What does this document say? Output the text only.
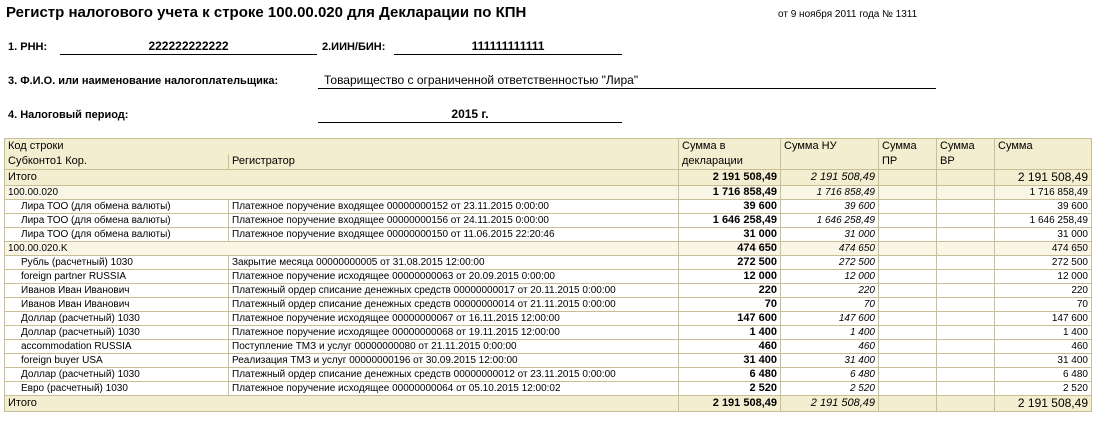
Регистр налогового учета к строке 100.00.020 для Декларации по КПН	от 9 ноября 2011 года № 1311
1. РНН:	222222222222	2.ИИН/БИН:	111111111111
3. Ф.И.О. или наименование налогоплательщика:	Товарищество с ограниченной ответственностью "Лира"
4. Налоговый период:	2015 г.
Код строки		Сумма в декларации	Сумма НУ	Сумма ПР	Сумма ВР	Сумма
Субконто1 Кор.	Регистратор					
Итого		2 191 508,49	2 191 508,49			2 191 508,49
100.00.020		1 716 858,49	1 716 858,49			1 716 858,49
Лира ТОО (для обмена валюты)	Платежное поручение входящее 00000000152 от 23.11.2015 0:00:00	39 600	39 600			39 600
Лира ТОО (для обмена валюты)	Платежное поручение входящее 00000000156 от 24.11.2015 0:00:00	1 646 258,49	1 646 258,49			1 646 258,49
Лира ТОО (для обмена валюты)	Платежное поручение входящее 00000000150 от 11.06.2015 22:20:46	31 000	31 000			31 000
100.00.020.K		474 650	474 650			474 650
Рубль (расчетный) 1030	Закрытие месяца 00000000005 от 31.08.2015 12:00:00	272 500	272 500			272 500
foreign partner RUSSIA	Платежное поручение исходящее 00000000063 от 20.09.2015 0:00:00	12 000	12 000			12 000
Иванов Иван Иванович	Платежный ордер списание денежных средств 00000000017 от 20.11.2015 0:00:00	220	220			220
Иванов Иван Иванович	Платежный ордер списание денежных средств 00000000014 от 21.11.2015 0:00:00	70	70			70
Доллар (расчетный) 1030	Платежное поручение исходящее 00000000067 от 16.11.2015 12:00:00	147 600	147 600			147 600
Доллар (расчетный) 1030	Платежное поручение исходящее 00000000068 от 19.11.2015 12:00:00	1 400	1 400			1 400
accommodation RUSSIA	Поступление ТМЗ и услуг 00000000080 от 21.11.2015 0:00:00	460	460			460
foreign buyer USA	Реализация ТМЗ и услуг 00000000196 от 30.09.2015 12:00:00	31 400	31 400			31 400
Доллар (расчетный) 1030	Платежный ордер списание денежных средств 00000000012 от 23.11.2015 0:00:00	6 480	6 480			6 480
Евро (расчетный) 1030	Платежное поручение исходящее 00000000064 от 05.10.2015 12:00:02	2 520	2 520			2 520
Итого		2 191 508,49	2 191 508,49			2 191 508,49
